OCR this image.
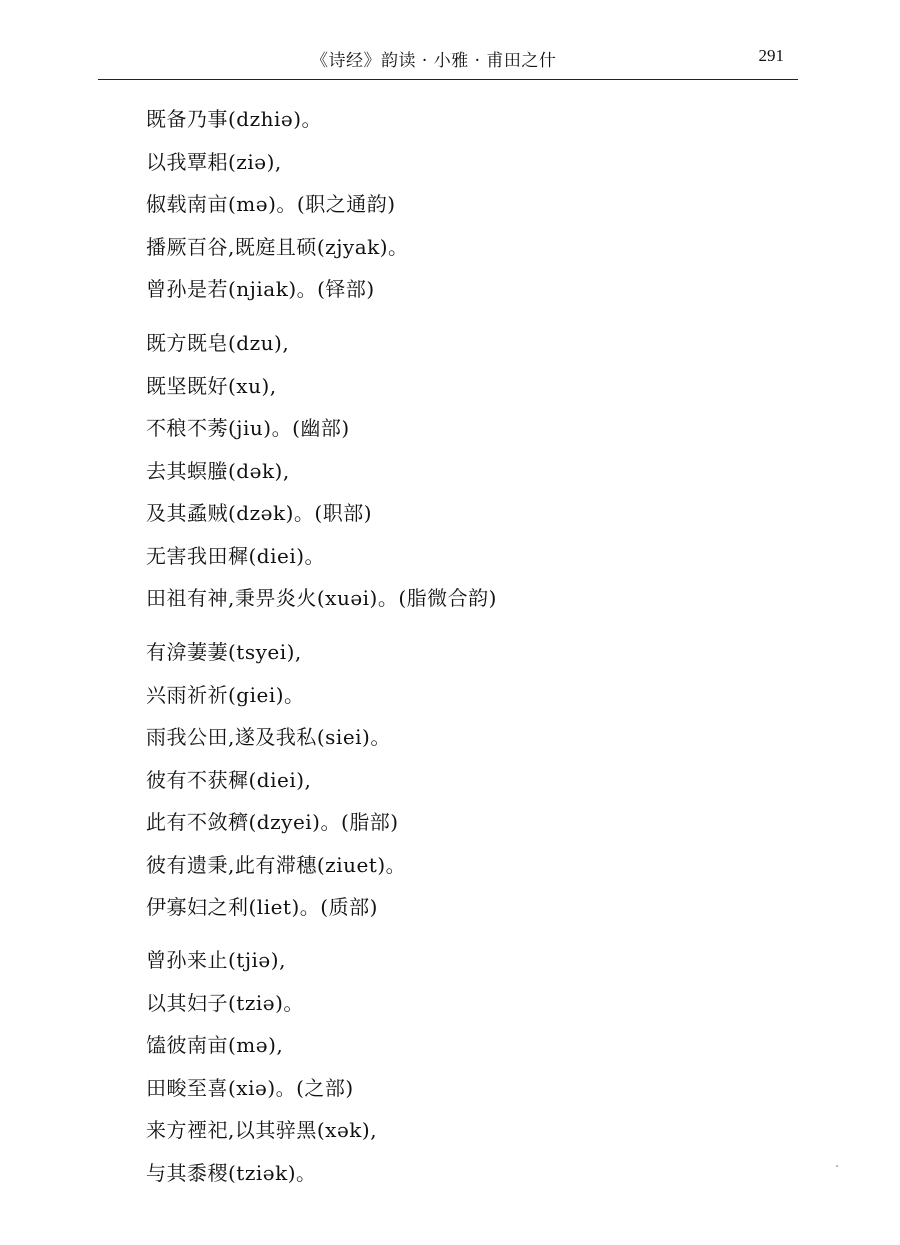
《诗经》韵读 · 小雅 · 甫田之什	291
既备乃事(dzhiə)。
以我覃耜(ziə),
俶载南亩(mə)。(职之通韵)
播厥百谷,既庭且硕(zjyak)。
曾孙是若(njiak)。(铎部)
既方既皂(dzu),
既坚既好(xu),
不稂不莠(jiu)。(幽部)
去其螟螣(dək),
及其蟊贼(dzək)。(职部)
无害我田穉(diei)。
田祖有神,秉畀炎火(xuəi)。(脂微合韵)
有渰萋萋(tsyei),
兴雨祈祈(giei)。
雨我公田,遂及我私(siei)。
彼有不获穉(diei),
此有不敛穧(dzyei)。(脂部)
彼有遗秉,此有滞穗(ziuet)。
伊寡妇之利(liet)。(质部)
曾孙来止(tjiə),
以其妇子(tziə)。
馌彼南亩(mə),
田畯至喜(xiə)。(之部)
来方禋祀,以其骍黑(xək),
与其黍稷(tziək)。
